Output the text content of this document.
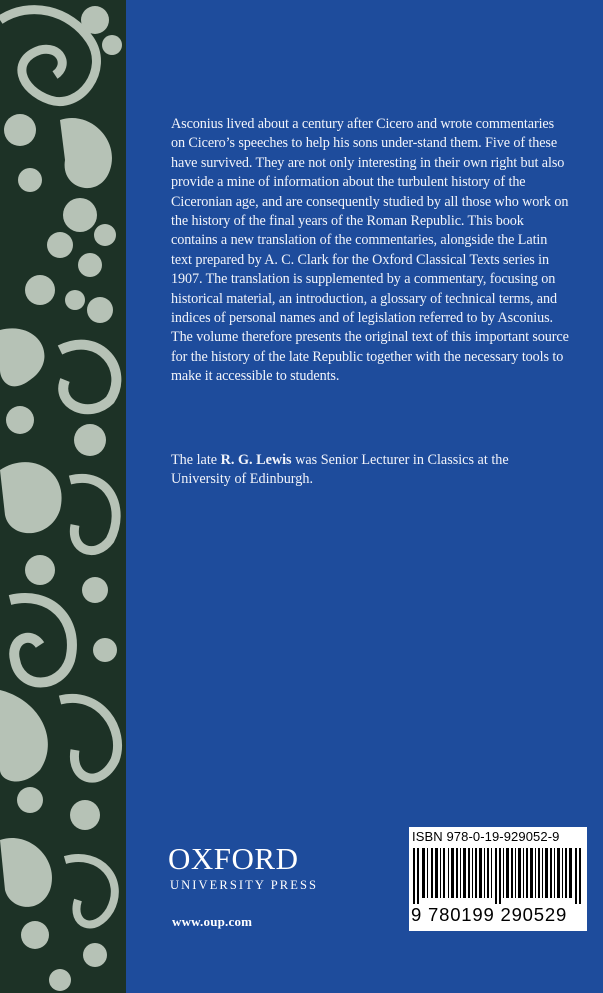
Asconius lived about a century after Cicero and wrote commentaries on Cicero’s speeches to help his sons under-stand them. Five of these have survived. They are not only interesting in their own right but also provide a mine of information about the turbulent history of the Ciceronian age, and are consequently studied by all those who work on the history of the final years of the Roman Republic. This book contains a new translation of the commentaries, alongside the Latin text prepared by A. C. Clark for the Oxford Classical Texts series in 1907. The translation is supplemented by a commentary, focusing on historical material, an introduction, a glossary of technical terms, and indices of personal names and of legislation referred to by Asconius. The volume therefore presents the original text of this important source for the history of the late Republic together with the necessary tools to make it accessible to students.

The late R. G. Lewis was Senior Lecturer in Classics at the University of Edinburgh.
OXFORD
UNIVERSITY PRESS
www.oup.com
ISBN 978-0-19-929052-9
9 780199 290529
